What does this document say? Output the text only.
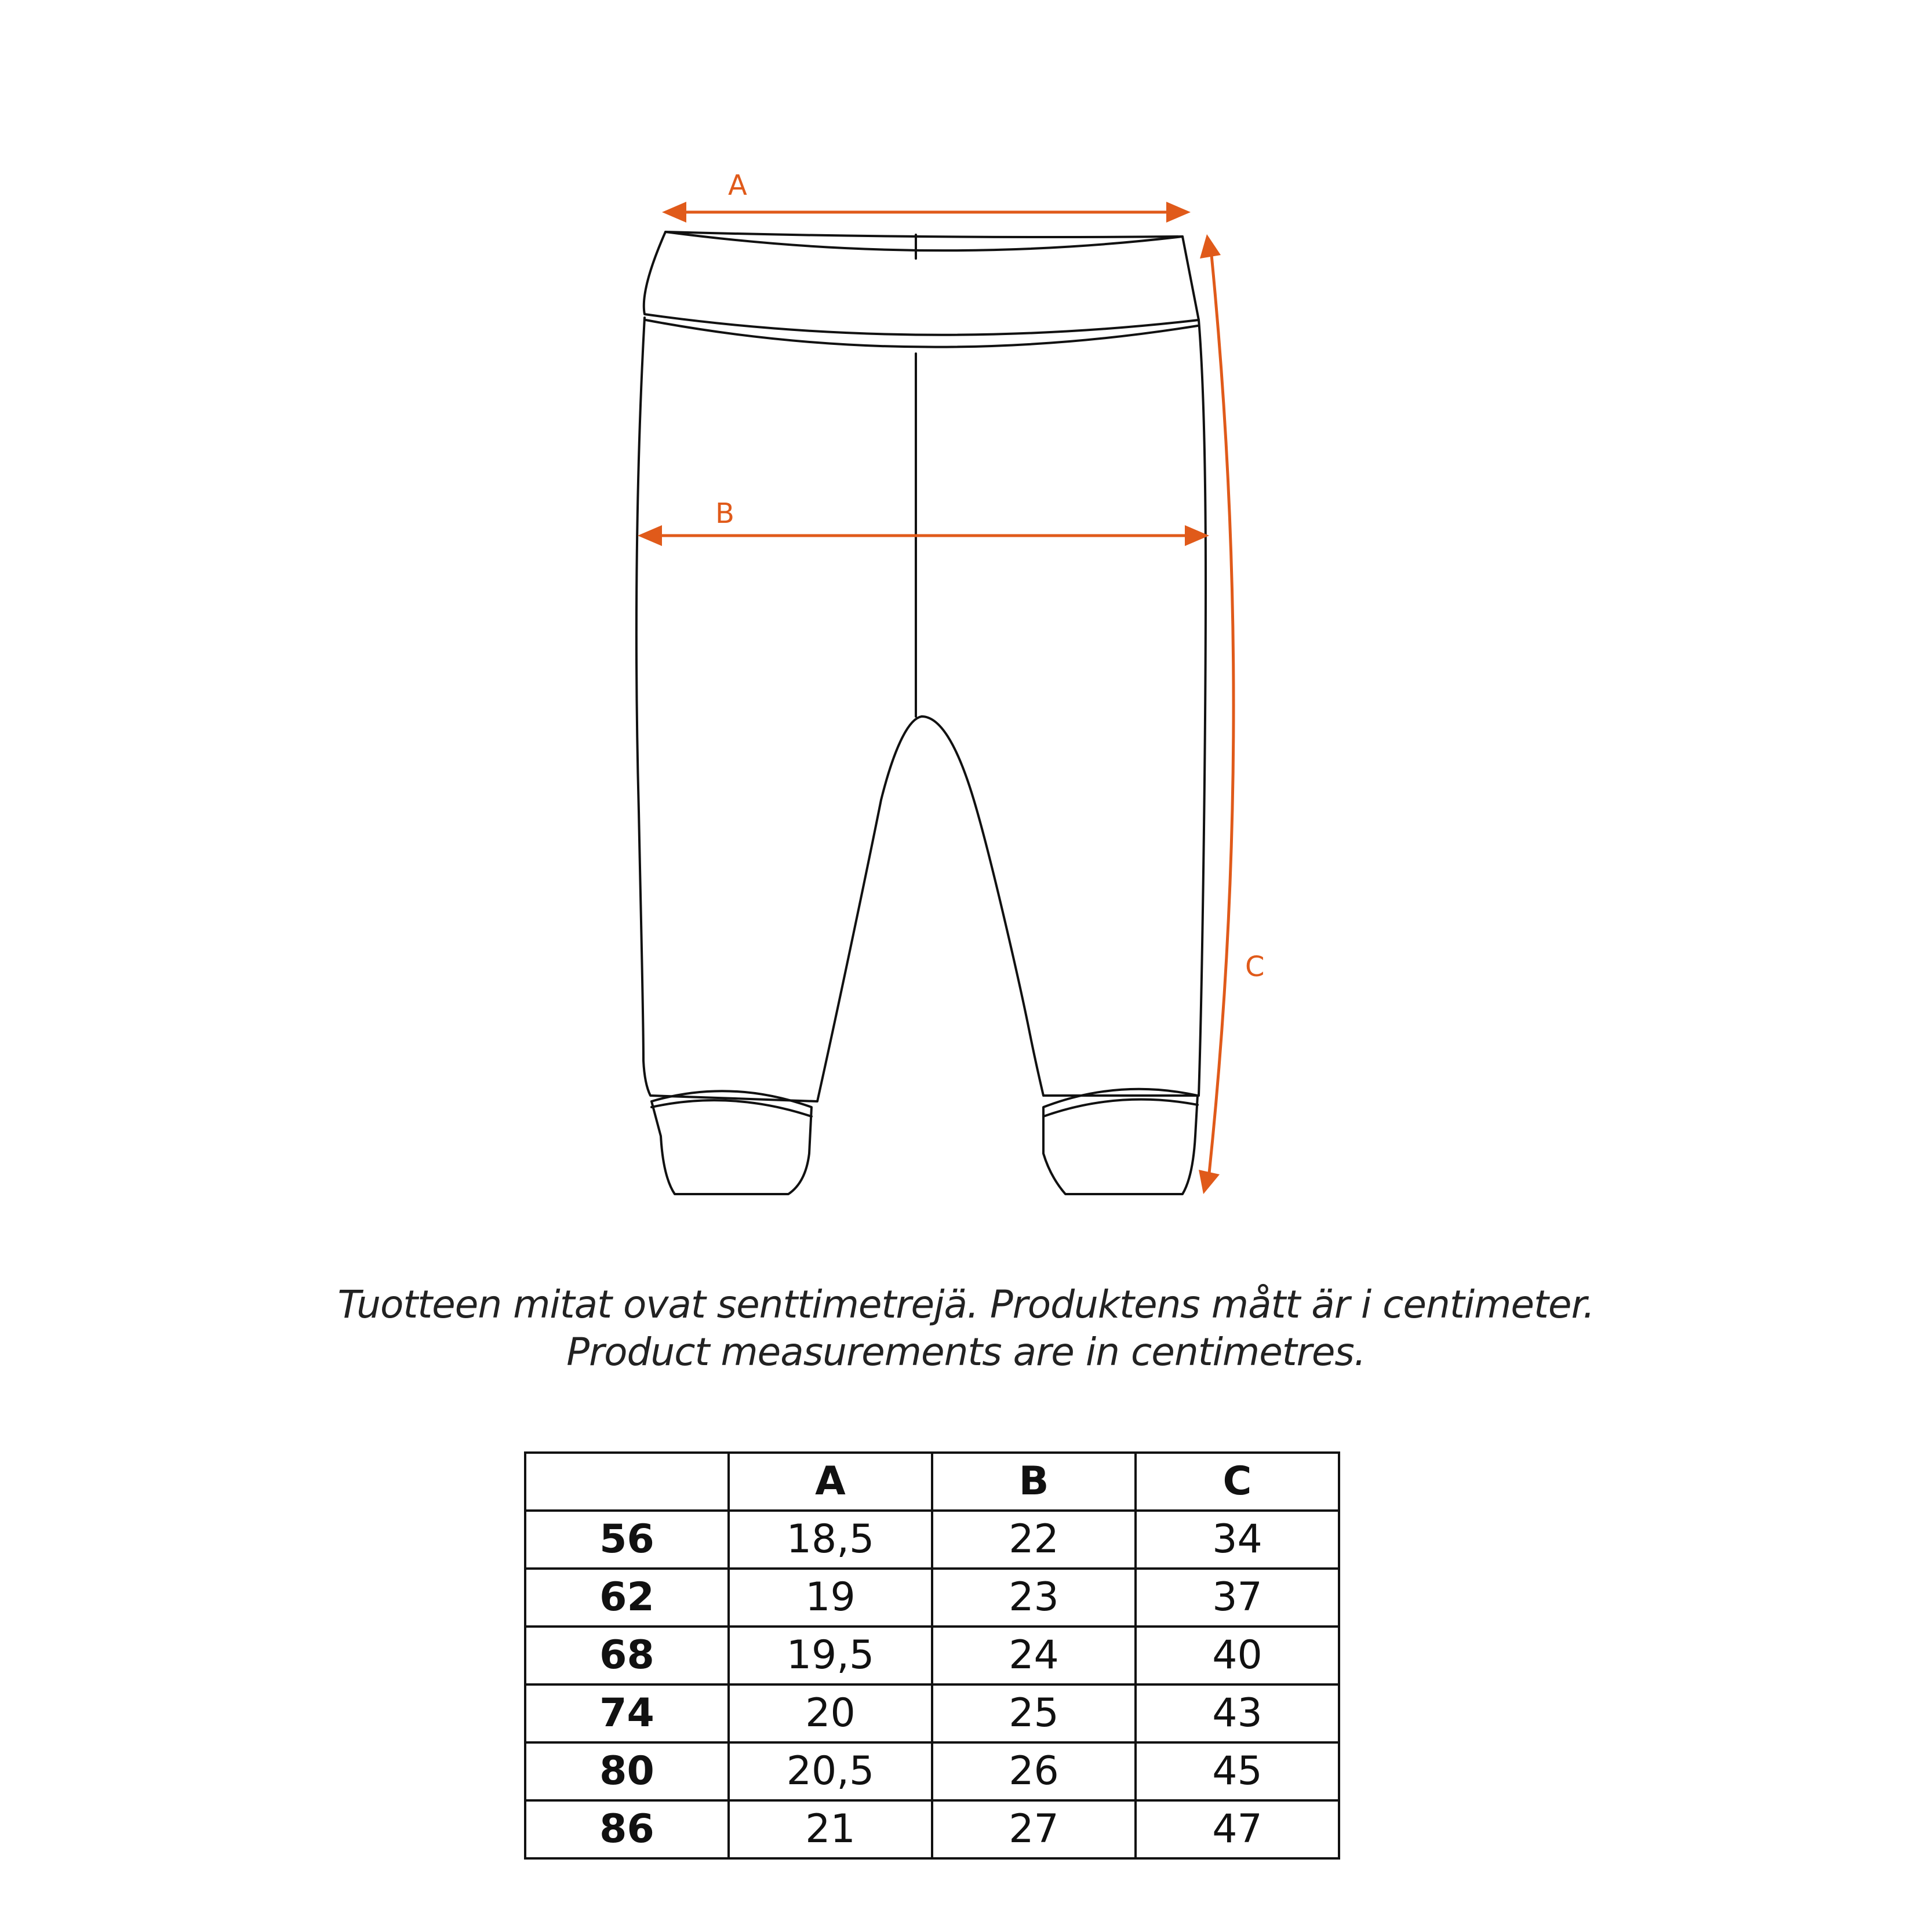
A
B
C
Tuotteen mitat ovat senttimetrejä. Produktens mått är i centimeter.
Product measurements are in centimetres.
	A	B	C
56	18,5	22	34
62	19	23	37
68	19,5	24	40
74	20	25	43
80	20,5	26	45
86	21	27	47
